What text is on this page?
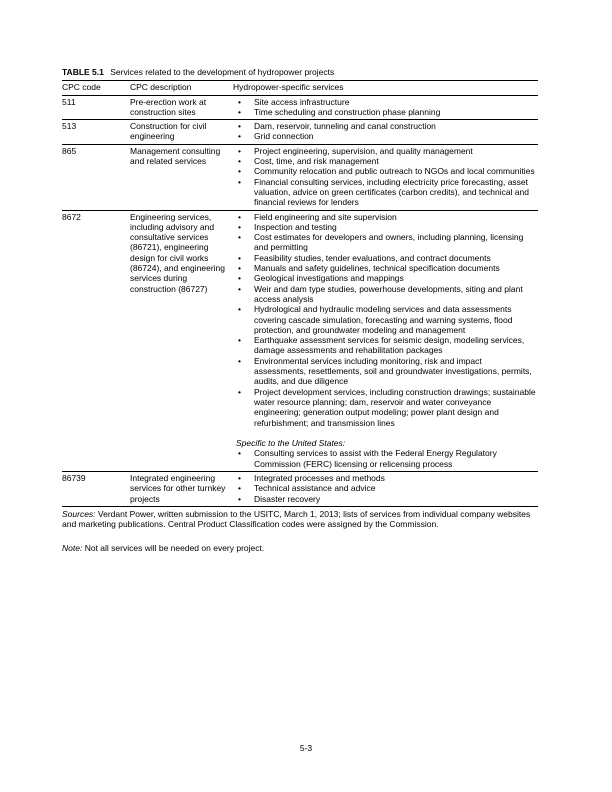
TABLE 5.1 Services related to the development of hydropower projects

CPC code	CPC description	Hydropower-specific services
511	Pre-erection work at construction sites	• Site access infrastructure
• Time scheduling and construction phase planning

513	Construction for civil engineering	• Dam, reservoir, tunneling and canal construction
• Grid connection

865	Management consulting and related services	
•	Project engineering, supervision, and quality management
•	Cost, time, and risk management
•	Community relocation and public outreach to NGOs and local communities
•	Financial consulting services, including electricity price forecasting, asset valuation, advice on green certificates (carbon credits), and technical and financial reviews for lenders

8672	Engineering services, including advisory and consultative services (86721), engineering design for civil works (86724), and engineering services during construction (86727)	
•	Field engineering and site supervision
•	Inspection and testing
•	Cost estimates for developers and owners, including planning, licensing and permitting
•	Feasibility studies, tender evaluations, and contract documents
•	Manuals and safety guidelines, technical specification documents
•	Geological investigations and mappings
•	Weir and dam type studies, powerhouse developments, siting and plant access analysis
•	Hydrological and hydraulic modeling services and data assessments covering cascade simulation, forecasting and warning systems, flood protection, and groundwater modeling and management
•	Earthquake assessment services for seismic design, modeling services, damage assessments and rehabilitation packages
•	Environmental services including monitoring, risk and impact assessments, resettlements, soil and groundwater investigations, permits, audits, and due diligence
•	Project development services, including construction drawings; sustainable water resource planning; dam, reservoir and water conveyance engineering; generation output modeling; power plant design and refurbishment; and transmission lines
Specific to the United States:
•	Consulting services to assist with the Federal Energy Regulatory Commission (FERC) licensing or relicensing process

86739	Integrated engineering services for other turnkey projects	
•	Integrated processes and methods
•	Technical assistance and advice
•	Disaster recovery

Sources: Verdant Power, written submission to the USITC, March 1, 2013; lists of services from individual company websites and marketing publications. Central Product Classification codes were assigned by the Commission.

Note: Not all services will be needed on every project.

5-3
